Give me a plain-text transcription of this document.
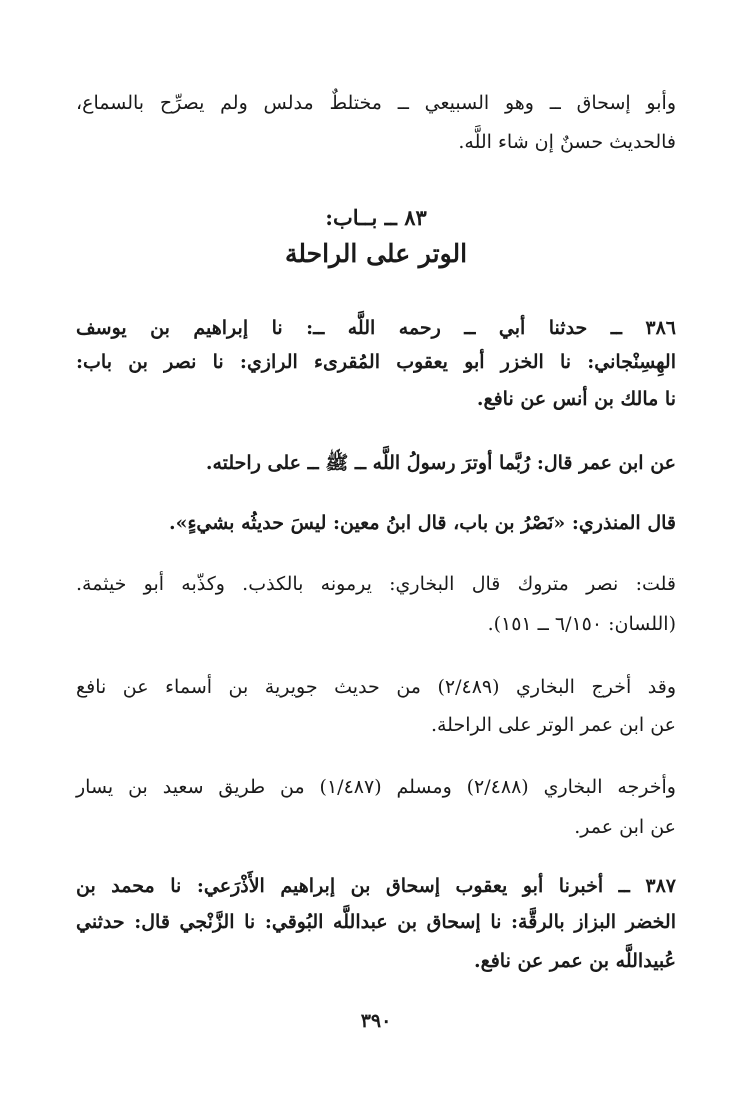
وأبو إسحاق ــ وهو السبيعي ــ مختلطٌ مدلس ولم يصرِّح بالسماع،
فالحديث حسنٌ إن شاء اللَّه.
٨٣ ــ بــاب:
الوتر على الراحلة
٣٨٦ ــ حدثنا أبي ــ رحمه اللَّه ــ: نا إبراهيم بن يوسف
الهِسِنْجاني: نا الخزر أبو يعقوب المُقرىء الرازي: نا نصر بن باب:
نا مالك بن أنس عن نافع.
عن ابن عمر قال: رُبَّما أوترَ رسولُ اللَّه ــ ﷺ ــ على راحلته.
قال المنذري: «نَصْرُ بن باب، قال ابنُ معين: ليسَ حديثُه بشيءٍ».
قلت: نصر متروك قال البخاري: يرمونه بالكذب. وكذّبه أبو خيثمة.
(اللسان: ٦/١٥٠ ــ ١٥١).
وقد أخرج البخاري (٢/٤٨٩) من حديث جويرية بن أسماء عن نافع
عن ابن عمر الوتر على الراحلة.
وأخرجه البخاري (٢/٤٨٨) ومسلم (١/٤٨٧) من طريق سعيد بن يسار
عن ابن عمر.
٣٨٧ ــ أخبرنا أبو يعقوب إسحاق بن إبراهيم الأَذْرَعي: نا محمد بن
الخضر البزاز بالرقَّة: نا إسحاق بن عبداللَّه البُوقي: نا الزَّنْجي قال: حدثني
عُبيداللَّه بن عمر عن نافع.
٣٩٠
